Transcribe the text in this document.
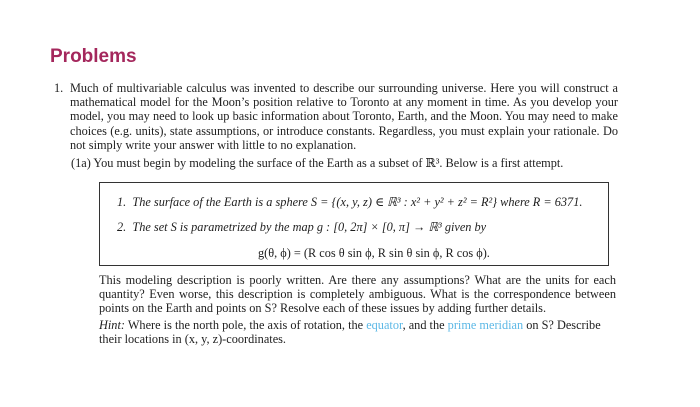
Problems
1. Much of multivariable calculus was invented to describe our surrounding universe. Here you will construct a mathematical model for the Moon’s position relative to Toronto at any moment in time. As you develop your model, you may need to look up basic information about Toronto, Earth, and the Moon. You may need to make choices (e.g. units), state assumptions, or introduce constants. Regardless, you must explain your rationale. Do not simply write your answer with little to no explanation.
(1a) You must begin by modeling the surface of the Earth as a subset of ℝ³. Below is a first attempt.
1. The surface of the Earth is a sphere S = {(x, y, z) ∈ ℝ³ : x² + y² + z² = R²} where R = 6371.
2. The set S is parametrized by the map g : [0, 2π] × [0, π] → ℝ³ given by
g(θ, ϕ) = (R cos θ sin ϕ, R sin θ sin ϕ, R cos ϕ).
This modeling description is poorly written. Are there any assumptions? What are the units for each quantity? Even worse, this description is completely ambiguous. What is the correspondence between points on the Earth and points on S? Resolve each of these issues by adding further details.
Hint: Where is the north pole, the axis of rotation, the equator, and the prime meridian on S? Describe their locations in (x, y, z)-coordinates.
